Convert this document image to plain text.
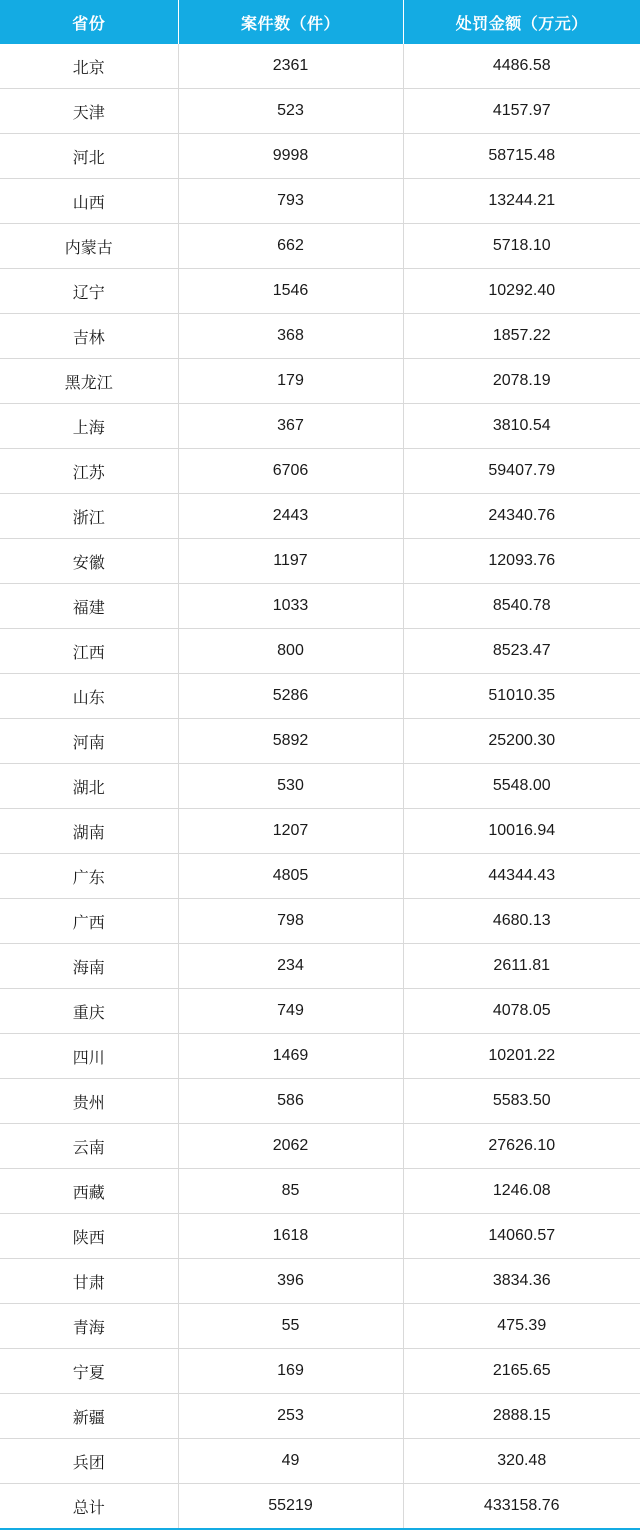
省份	案件数（件）	处罚金额（万元）
北京	2361	4486.58
天津	523	4157.97
河北	9998	58715.48
山西	793	13244.21
内蒙古	662	5718.10
辽宁	1546	10292.40
吉林	368	1857.22
黑龙江	179	2078.19
上海	367	3810.54
江苏	6706	59407.79
浙江	2443	24340.76
安徽	1197	12093.76
福建	1033	8540.78
江西	800	8523.47
山东	5286	51010.35
河南	5892	25200.30
湖北	530	5548.00
湖南	1207	10016.94
广东	4805	44344.43
广西	798	4680.13
海南	234	2611.81
重庆	749	4078.05
四川	1469	10201.22
贵州	586	5583.50
云南	2062	27626.10
西藏	85	1246.08
陕西	1618	14060.57
甘肃	396	3834.36
青海	55	475.39
宁夏	169	2165.65
新疆	253	2888.15
兵团	49	320.48
总计	55219	433158.76
